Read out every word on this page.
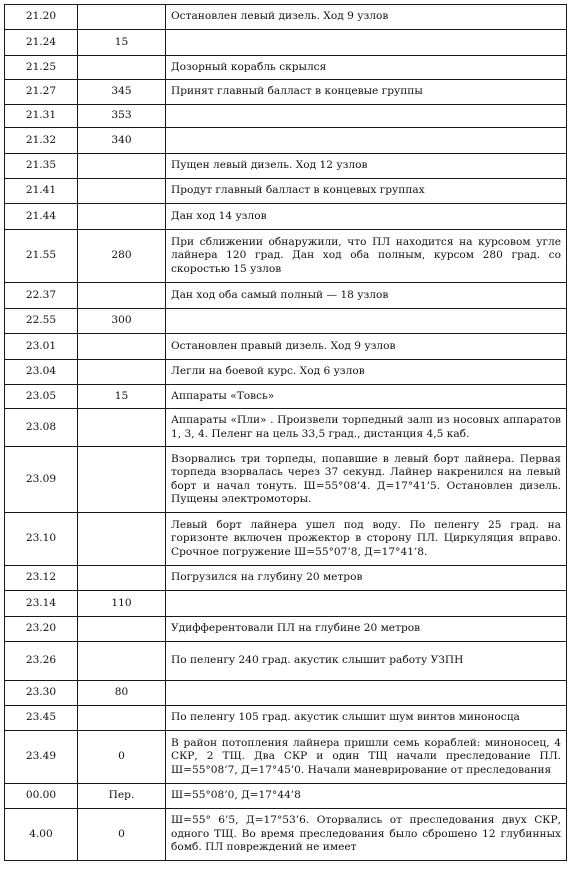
21.20		Остановлен левый дизель. Ход 9 узлов
21.24	15	
21.25		Дозорный корабль скрылся
21.27	345	Принят главный балласт в концевые группы
21.31	353	
21.32	340	
21.35		Пущен левый дизель. Ход 12 узлов
21.41		Продут главный балласт в концевых группах
21.44		Дан ход 14 узлов
21.55	280	При сближении обнаружили, что ПЛ находится на курсовом угле лайнера 120 град. Дан ход оба полным, курсом 280 град. со скоростью 15 узлов
22.37		Дан ход оба самый полный — 18 узлов
22.55	300	
23.01		Остановлен правый дизель. Ход 9 узлов
23.04		Легли на боевой курс. Ход 6 узлов
23.05	15	Аппараты «Товсь»
23.08		Аппараты «Пли» . Произвели торпедный залп из носовых аппаратов 1, 3, 4. Пеленг на цель 33,5 град., дистанция 4,5 каб.
23.09		Взорвались три торпеды, попавшие в левый борт лайнера. Первая торпеда взорвалась через 37 секунд. Лайнер накренился на левый борт и начал тонуть. Ш=55°08’4. Д=17°41’5. Остановлен дизель. Пущены электромоторы.
23.10		Левый борт лайнера ушел под воду. По пеленгу 25 град. на горизонте включен прожектор в сторону ПЛ. Циркуляция вправо. Срочное погружение Ш=55°07’8, Д=17°41’8.
23.12		Погрузился на глубину 20 метров
23.14	110	
23.20		Удифферентовали ПЛ на глубине 20 метров
23.26		По пеленгу 240 град. акустик слышит работу УЗПН
23.30	80	
23.45		По пеленгу 105 град. акустик слышит шум винтов миноносца
23.49	0	В район потопления лайнера пришли семь кораблей: миноносец, 4 СКР, 2 ТЩ. Два СКР и один ТЩ начали преследование ПЛ. Ш=55°08’7, Д=17°45’0. Начали маневрирование от преследования
00.00	Пер.	Ш=55°08’0, Д=17°44’8
4.00	0	Ш=55° 6’5, Д=17°53’6. Оторвались от преследования двух СКР, одного ТЩ. Во время преследования было сброшено 12 глубинных бомб. ПЛ повреждений не имеет
